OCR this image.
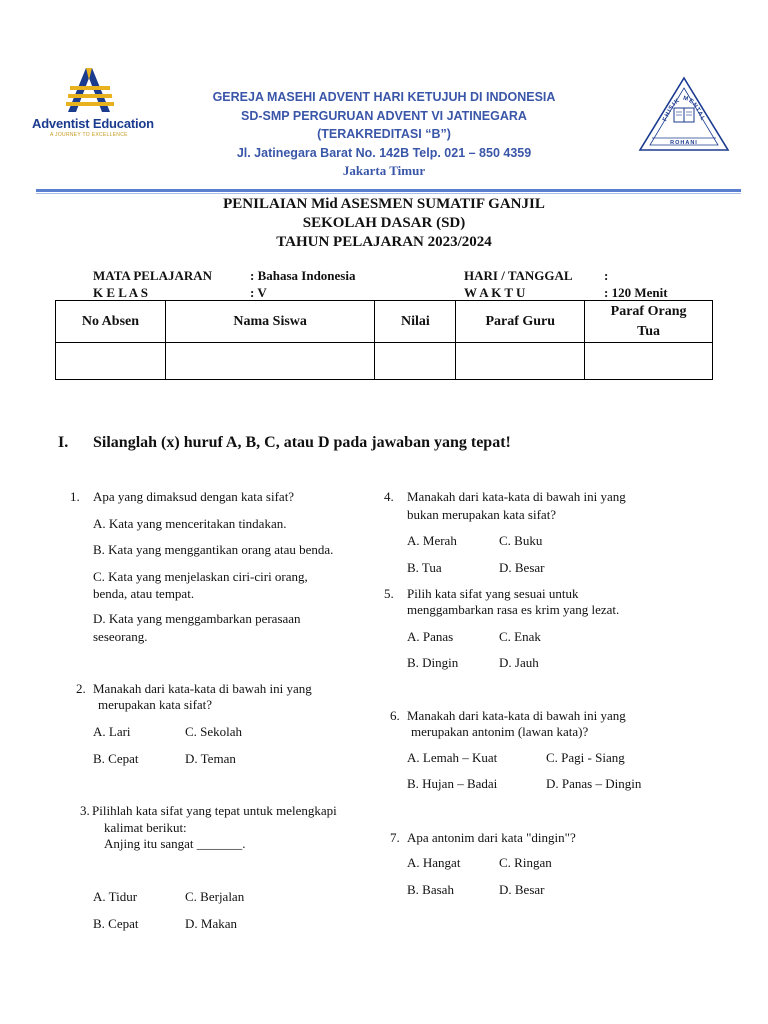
Adventist Education
A JOURNEY TO EXCELLENCE
GEREJA MASEHI ADVENT HARI KETUJUH DI INDONESIA
SD-SMP PERGURUAN ADVENT VI JATINEGARA
(TERAKREDITASI “B”)
Jl. Jatinegara Barat No. 142B Telp. 021 – 850 4359
Jakarta Timur
FHISIK MENTAL
ROHANI
PENILAIAN Mid ASESMEN SUMATIF GANJIL
SEKOLAH DASAR (SD)
TAHUN PELAJARAN 2023/2024
MATA PELAJARAN	: Bahasa Indonesia	HARI / TANGGAL :
K E L A S	: V	W A K T U	: 120 Menit
No Absen	Nama Siswa	Nilai	Paraf Guru	Paraf Orang
Tua

I. Silanglah (x) huruf A, B, C, atau D pada jawaban yang tepat!
1. Apa yang dimaksud dengan kata sifat?
A. Kata yang menceritakan tindakan.
B. Kata yang menggantikan orang atau benda.
C. Kata yang menjelaskan ciri-ciri orang,
benda, atau tempat.
D. Kata yang menggambarkan perasaan
seseorang.
2. Manakah dari kata-kata di bawah ini yang
merupakan kata sifat?
A. Lari	C. Sekolah
B. Cepat	D. Teman
3. Pilihlah kata sifat yang tepat untuk melengkapi
kalimat berikut:
Anjing itu sangat _______.
A. Tidur	C. Berjalan
B. Cepat	D. Makan
4. Manakah dari kata-kata di bawah ini yang
bukan merupakan kata sifat?
A. Merah	C. Buku
B. Tua	D. Besar
5. Pilih kata sifat yang sesuai untuk
menggambarkan rasa es krim yang lezat.
A. Panas	C. Enak
B. Dingin	D. Jauh
6. Manakah dari kata-kata di bawah ini yang
merupakan antonim (lawan kata)?
A. Lemah – Kuat	C. Pagi - Siang
B. Hujan – Badai	D. Panas – Dingin
7. Apa antonim dari kata "dingin"?
A. Hangat	C. Ringan
B. Basah	D. Besar
